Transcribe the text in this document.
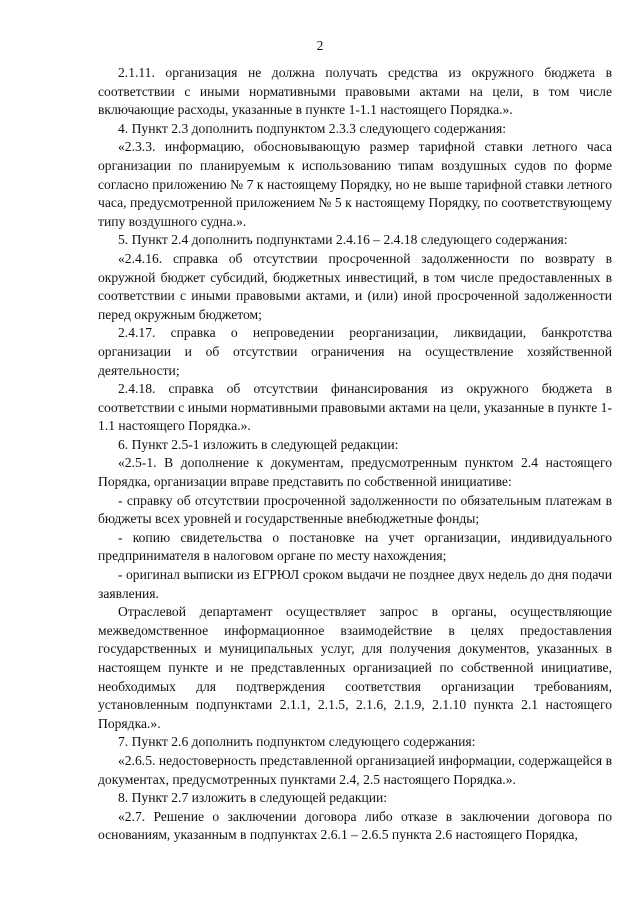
2

2.1.11. организация не должна получать средства из окружного бюджета в соответствии с иными нормативными правовыми актами на цели, в том числе включающие расходы, указанные в пункте 1-1.1 настоящего Порядка.».

4. Пункт 2.3 дополнить подпунктом 2.3.3 следующего содержания:

«2.3.3. информацию, обосновывающую размер тарифной ставки летного часа организации по планируемым к использованию типам воздушных судов по форме согласно приложению № 7 к настоящему Порядку, но не выше тарифной ставки летного часа, предусмотренной приложением № 5 к настоящему Порядку, по соответствующему типу воздушного судна.».

5. Пункт 2.4 дополнить подпунктами 2.4.16 – 2.4.18 следующего содержания:

«2.4.16. справка об отсутствии просроченной задолженности по возврату в окружной бюджет субсидий, бюджетных инвестиций, в том числе предоставленных в соответствии с иными правовыми актами, и (или) иной просроченной задолженности перед окружным бюджетом;

2.4.17. справка о непроведении реорганизации, ликвидации, банкротства организации и об отсутствии ограничения на осуществление хозяйственной деятельности;

2.4.18. справка об отсутствии финансирования из окружного бюджета в соответствии с иными нормативными правовыми актами на цели, указанные в пункте 1-1.1 настоящего Порядка.».

6. Пункт 2.5-1 изложить в следующей редакции:

«2.5-1. В дополнение к документам, предусмотренным пунктом 2.4 настоящего Порядка, организации вправе представить по собственной инициативе:

- справку об отсутствии просроченной задолженности по обязательным платежам в бюджеты всех уровней и государственные внебюджетные фонды;

- копию свидетельства о постановке на учет организации, индивидуального предпринимателя в налоговом органе по месту нахождения;

- оригинал выписки из ЕГРЮЛ сроком выдачи не позднее двух недель до дня подачи заявления.

Отраслевой департамент осуществляет запрос в органы, осуществляющие межведомственное информационное взаимодействие в целях предоставления государственных и муниципальных услуг, для получения документов, указанных в настоящем пункте и не представленных организацией по собственной инициативе, необходимых для подтверждения соответствия организации требованиям, установленным подпунктами 2.1.1, 2.1.5, 2.1.6, 2.1.9, 2.1.10 пункта 2.1 настоящего Порядка.».

7. Пункт 2.6 дополнить подпунктом следующего содержания:

«2.6.5. недостоверность представленной организацией информации, содержащейся в документах, предусмотренных пунктами 2.4, 2.5 настоящего Порядка.».

8. Пункт 2.7 изложить в следующей редакции:

«2.7. Решение о заключении договора либо отказе в заключении договора по основаниям, указанным в подпунктах 2.6.1 – 2.6.5 пункта 2.6 настоящего Порядка,
